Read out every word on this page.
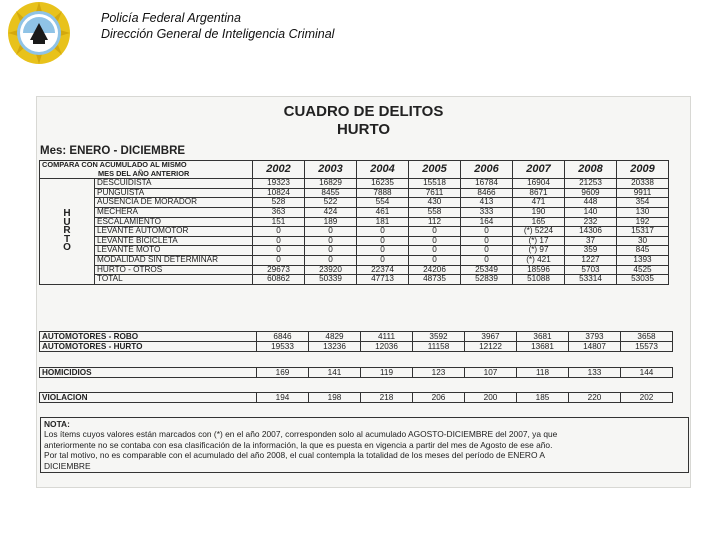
Policía Federal Argentina
Dirección General de Inteligencia Criminal
CUADRO DE DELITOS
HURTO
Mes: ENERO - DICIEMBRE
COMPARA CON ACUMULADO AL MISMO
MES DEL AÑO ANTERIOR		2002	2003	2004	2005	2006	2007	2008	2009
H
U
R
T
O	DESCUIDISTA	19323	16829	16235	15518	16784	16904	21253	20338
	PUNGUISTA	10824	8455	7888	7611	8466	8671	9609	9911
	AUSENCIA DE MORADOR	528	522	554	430	413	471	448	354
	MECHERA	363	424	461	558	333	190	140	130
	ESCALAMIENTO	151	189	181	112	164	165	232	192
	LEVANTE AUTOMOTOR	0	0	0	0	0	(*) 5224	14306	15317
	LEVANTE BICICLETA	0	0	0	0	0	(*) 17	37	30
	LEVANTE MOTO	0	0	0	0	0	(*) 97	359	845
	MODALIDAD SIN DETERMINAR	0	0	0	0	0	(*) 421	1227	1393
	HURTO - OTROS	29673	23920	22374	24206	25349	18596	5703	4525
	TOTAL	60862	50339	47713	48735	52839	51088	53314	53035
AUTOMOTORES - ROBO	6846	4829	4111	3592	3967	3681	3793	3658
AUTOMOTORES - HURTO	19533	13236	12036	11158	12122	13681	14807	15573
HOMICIDIOS	169	141	119	123	107	118	133	144
VIOLACION	194	198	218	206	200	185	220	202
NOTA:
Los ítems cuyos valores están marcados con (*) en el año 2007, corresponden solo al acumulado AGOSTO-DICIEMBRE del 2007, ya que
anteriormente no se contaba con esa clasificación de la información, la que es puesta en vigencia a partir del mes de Agosto de ese año.
Por tal motivo, no es comparable con el acumulado del año 2008, el cual contempla la totalidad de los meses del período de ENERO A
DICIEMBRE
